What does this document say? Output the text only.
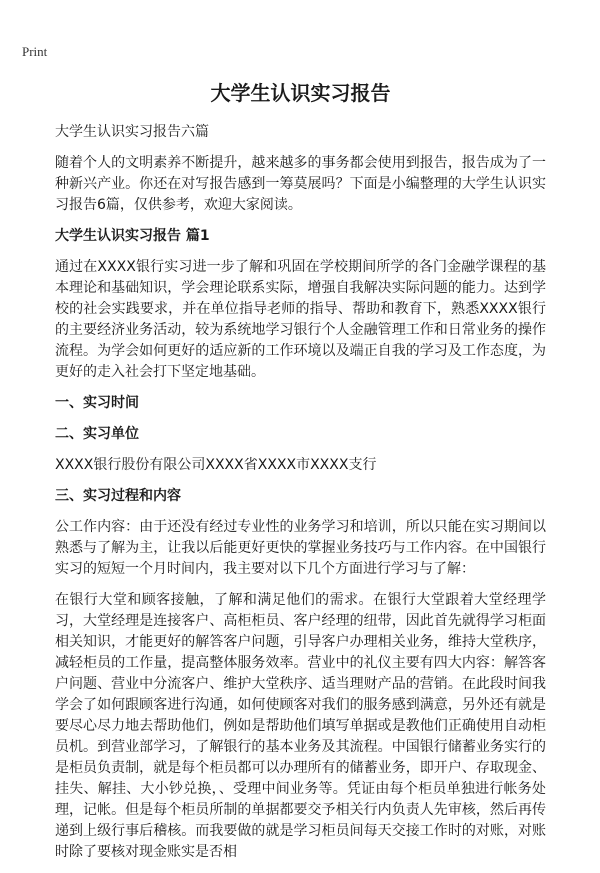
Print
大学生认识实习报告

大学生认识实习报告六篇

随着个人的文明素养不断提升，越来越多的事务都会使用到报告，报告成为了一种新兴产业。你还在对写报告感到一筹莫展吗？下面是小编整理的大学生认识实习报告6篇，仅供参考，欢迎大家阅读。

大学生认识实习报告 篇1

通过在XXXX银行实习进一步了解和巩固在学校期间所学的各门金融学课程的基本理论和基础知识，学会理论联系实际，增强自我解决实际问题的能力。达到学校的社会实践要求，并在单位指导老师的指导、帮助和教育下，熟悉XXXX银行的主要经济业务活动，较为系统地学习银行个人金融管理工作和日常业务的操作流程。为学会如何更好的适应新的工作环境以及端正自我的学习及工作态度，为更好的走入社会打下坚定地基础。

一、实习时间
二、实习单位

XXXX银行股份有限公司XXXX省XXXX市XXXX支行

三、实习过程和内容

公工作内容：由于还没有经过专业性的业务学习和培训，所以只能在实习期间以熟悉与了解为主，让我以后能更好更快的掌握业务技巧与工作内容。在中国银行实习的短短一个月时间内，我主要对以下几个方面进行学习与了解：

在银行大堂和顾客接触，了解和满足他们的需求。在银行大堂跟着大堂经理学习，大堂经理是连接客户、高柜柜员、客户经理的纽带，因此首先就得学习柜面相关知识，才能更好的解答客户问题，引导客户办理相关业务，维持大堂秩序，减轻柜员的工作量，提高整体服务效率。营业中的礼仪主要有四大内容：解答客户问题、营业中分流客户、维护大堂秩序、适当理财产品的营销。在此段时间我学会了如何跟顾客进行沟通，如何使顾客对我们的服务感到满意，另外还有就是要尽心尽力地去帮助他们，例如是帮助他们填写单据或是教他们正确使用自动柜员机。到营业部学习，了解银行的基本业务及其流程。中国银行储蓄业务实行的是柜员负责制，就是每个柜员都可以办理所有的储蓄业务，即开户、存取现金、挂失、解挂、大小钞兑换，、受理中间业务等。凭证由每个柜员单独进行帐务处理，记帐。但是每个柜员所制的单据都要交予相关行内负责人先审核，然后再传递到上级行事后稽核。而我要做的就是学习柜员间每天交接工作时的对账，对账时除了要核对现金账实是否相
